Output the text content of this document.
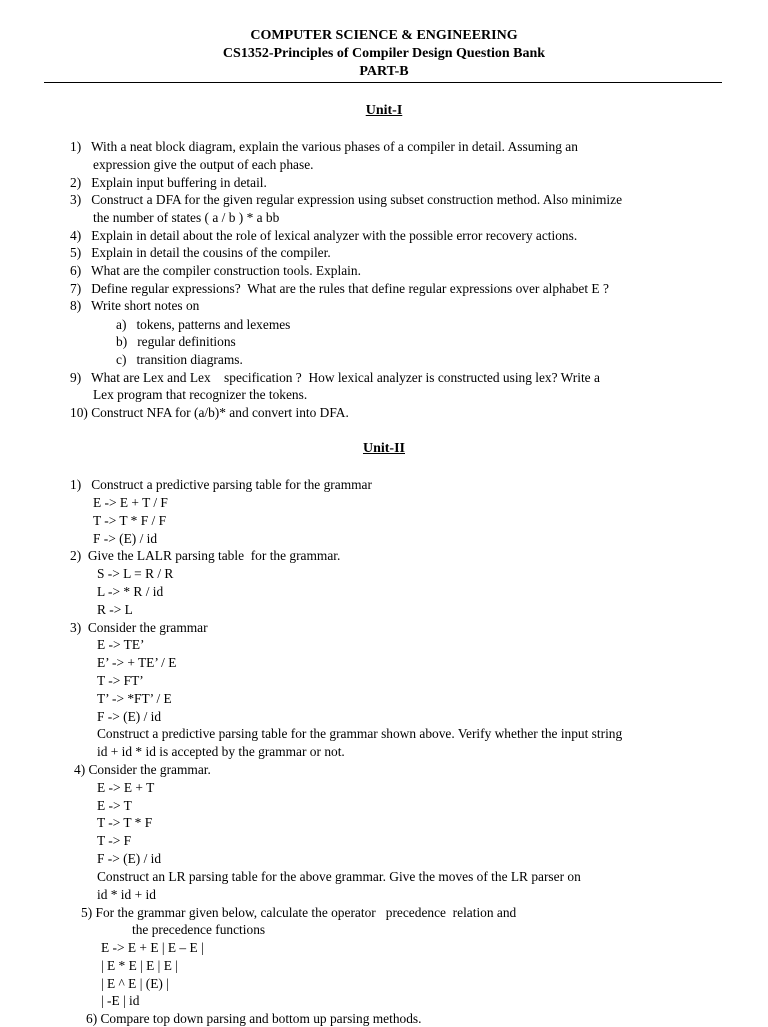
COMPUTER SCIENCE & ENGINEERING
CS1352-Principles of Compiler Design Question Bank
PART-B
Unit-I
1)   With a neat block diagram, explain the various phases of a compiler in detail. Assuming an
expression give the output of each phase.
2)   Explain input buffering in detail.
3)   Construct a DFA for the given regular expression using subset construction method. Also minimize
the number of states ( a / b ) * a bb
4)   Explain in detail about the role of lexical analyzer with the possible error recovery actions.
5)   Explain in detail the cousins of the compiler.
6)   What are the compiler construction tools. Explain.
7)   Define regular expressions?  What are the rules that define regular expressions over alphabet E ?
8)   Write short notes on
a)   tokens, patterns and lexemes
b)   regular definitions
c)   transition diagrams.
9)   What are Lex and Lex    specification ?  How lexical analyzer is constructed using lex? Write a
Lex program that recognizer the tokens.
10) Construct NFA for (a/b)* and convert into DFA.
Unit-II
1)   Construct a predictive parsing table for the grammar
E -> E + T / F
T -> T * F / F
F -> (E) / id
2)  Give the LALR parsing table  for the grammar.
S -> L = R / R
L -> * R / id
R -> L
3)  Consider the grammar
E -> TE’
E’ -> + TE’ / E
T -> FT’
T’ -> *FT’ / E
F -> (E) / id
Construct a predictive parsing table for the grammar shown above. Verify whether the input string
id + id * id is accepted by the grammar or not.
4) Consider the grammar.
E -> E + T
E -> T
T -> T * F
T -> F
F -> (E) / id
Construct an LR parsing table for the above grammar. Give the moves of the LR parser on
id * id + id
5) For the grammar given below, calculate the operator   precedence  relation and
the precedence functions
E -> E + E | E – E |
| E * E | E | E |
| E ^ E | (E) |
| -E | id
6) Compare top down parsing and bottom up parsing methods.
